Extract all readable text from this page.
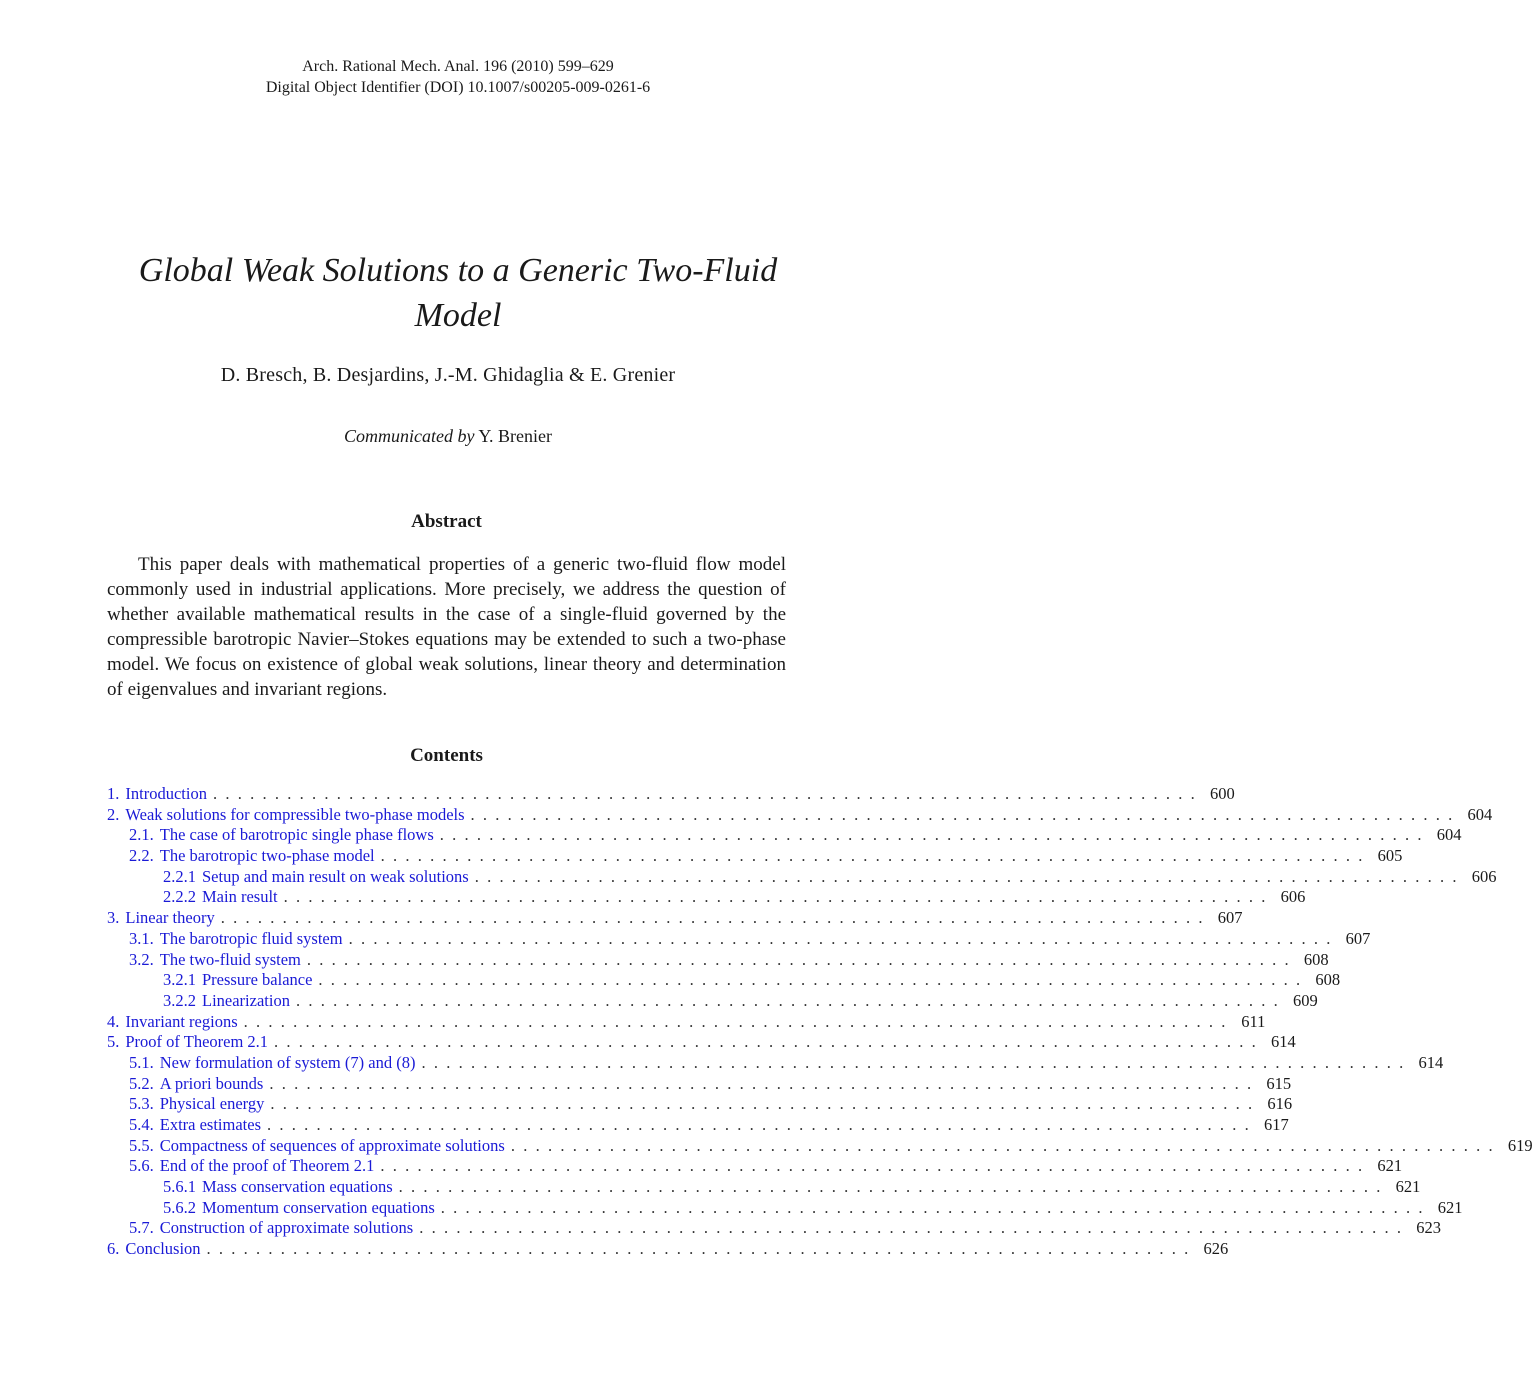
Arch. Rational Mech. Anal. 196 (2010) 599–629
Digital Object Identifier (DOI) 10.1007/s00205-009-0261-6
Global Weak Solutions to a Generic Two-Fluid Model
D. Bresch, B. Desjardins, J.-M. Ghidaglia & E. Grenier
Communicated by Y. Brenier
Abstract
This paper deals with mathematical properties of a generic two-fluid flow model commonly used in industrial applications. More precisely, we address the question of whether available mathematical results in the case of a single-fluid governed by the compressible barotropic Navier–Stokes equations may be extended to such a two-phase model. We focus on existence of global weak solutions, linear theory and determination of eigenvalues and invariant regions.
Contents
1. Introduction . . . . . . . . . . . . . . . . . . . . . . . . . . . . . . . . . . . . . . . . . . . . . . . . . . . . . . . . . . . . . . . . . . . . . . . . . . . . . . . . 600
2. Weak solutions for compressible two-phase models . . . . . . . . . . . . . . . . . . . . . . . . . . . . . . . . . . . . . . . . . . . . . . . . . . . . . . . . . . . . . . . . . . . . . . . . . . . . . . . . 604
2.1. The case of barotropic single phase flows . . . . . . . . . . . . . . . . . . . . . . . . . . . . . . . . . . . . . . . . . . . . . . . . . . . . . . . . . . . . . . . . . . . . . . . . . . . . . . . . 604
2.2. The barotropic two-phase model . . . . . . . . . . . . . . . . . . . . . . . . . . . . . . . . . . . . . . . . . . . . . . . . . . . . . . . . . . . . . . . . . . . . . . . . . . . . . . . . 605
2.2.1 Setup and main result on weak solutions . . . . . . . . . . . . . . . . . . . . . . . . . . . . . . . . . . . . . . . . . . . . . . . . . . . . . . . . . . . . . . . . . . . . . . . . . . . . . . . . 606
2.2.2 Main result . . . . . . . . . . . . . . . . . . . . . . . . . . . . . . . . . . . . . . . . . . . . . . . . . . . . . . . . . . . . . . . . . . . . . . . . . . . . . . . . 606
3. Linear theory . . . . . . . . . . . . . . . . . . . . . . . . . . . . . . . . . . . . . . . . . . . . . . . . . . . . . . . . . . . . . . . . . . . . . . . . . . . . . . . . 607
3.1. The barotropic fluid system . . . . . . . . . . . . . . . . . . . . . . . . . . . . . . . . . . . . . . . . . . . . . . . . . . . . . . . . . . . . . . . . . . . . . . . . . . . . . . . . 607
3.2. The two-fluid system . . . . . . . . . . . . . . . . . . . . . . . . . . . . . . . . . . . . . . . . . . . . . . . . . . . . . . . . . . . . . . . . . . . . . . . . . . . . . . . . 608
3.2.1 Pressure balance . . . . . . . . . . . . . . . . . . . . . . . . . . . . . . . . . . . . . . . . . . . . . . . . . . . . . . . . . . . . . . . . . . . . . . . . . . . . . . . . 608
3.2.2 Linearization . . . . . . . . . . . . . . . . . . . . . . . . . . . . . . . . . . . . . . . . . . . . . . . . . . . . . . . . . . . . . . . . . . . . . . . . . . . . . . . . 609
4. Invariant regions . . . . . . . . . . . . . . . . . . . . . . . . . . . . . . . . . . . . . . . . . . . . . . . . . . . . . . . . . . . . . . . . . . . . . . . . . . . . . . . . 611
5. Proof of Theorem 2.1 . . . . . . . . . . . . . . . . . . . . . . . . . . . . . . . . . . . . . . . . . . . . . . . . . . . . . . . . . . . . . . . . . . . . . . . . . . . . . . . . 614
5.1. New formulation of system (7) and (8) . . . . . . . . . . . . . . . . . . . . . . . . . . . . . . . . . . . . . . . . . . . . . . . . . . . . . . . . . . . . . . . . . . . . . . . . . . . . . . . . 614
5.2. A priori bounds . . . . . . . . . . . . . . . . . . . . . . . . . . . . . . . . . . . . . . . . . . . . . . . . . . . . . . . . . . . . . . . . . . . . . . . . . . . . . . . . 615
5.3. Physical energy . . . . . . . . . . . . . . . . . . . . . . . . . . . . . . . . . . . . . . . . . . . . . . . . . . . . . . . . . . . . . . . . . . . . . . . . . . . . . . . . 616
5.4. Extra estimates . . . . . . . . . . . . . . . . . . . . . . . . . . . . . . . . . . . . . . . . . . . . . . . . . . . . . . . . . . . . . . . . . . . . . . . . . . . . . . . . 617
5.5. Compactness of sequences of approximate solutions . . . . . . . . . . . . . . . . . . . . . . . . . . . . . . . . . . . . . . . . . . . . . . . . . . . . . . . . . . . . . . . . . . . . . . . . . . . . . . . . 619
5.6. End of the proof of Theorem 2.1 . . . . . . . . . . . . . . . . . . . . . . . . . . . . . . . . . . . . . . . . . . . . . . . . . . . . . . . . . . . . . . . . . . . . . . . . . . . . . . . . 621
5.6.1 Mass conservation equations . . . . . . . . . . . . . . . . . . . . . . . . . . . . . . . . . . . . . . . . . . . . . . . . . . . . . . . . . . . . . . . . . . . . . . . . . . . . . . . . 621
5.6.2 Momentum conservation equations . . . . . . . . . . . . . . . . . . . . . . . . . . . . . . . . . . . . . . . . . . . . . . . . . . . . . . . . . . . . . . . . . . . . . . . . . . . . . . . . 621
5.7. Construction of approximate solutions . . . . . . . . . . . . . . . . . . . . . . . . . . . . . . . . . . . . . . . . . . . . . . . . . . . . . . . . . . . . . . . . . . . . . . . . . . . . . . . . 623
6. Conclusion . . . . . . . . . . . . . . . . . . . . . . . . . . . . . . . . . . . . . . . . . . . . . . . . . . . . . . . . . . . . . . . . . . . . . . . . . . . . . . . . 626
